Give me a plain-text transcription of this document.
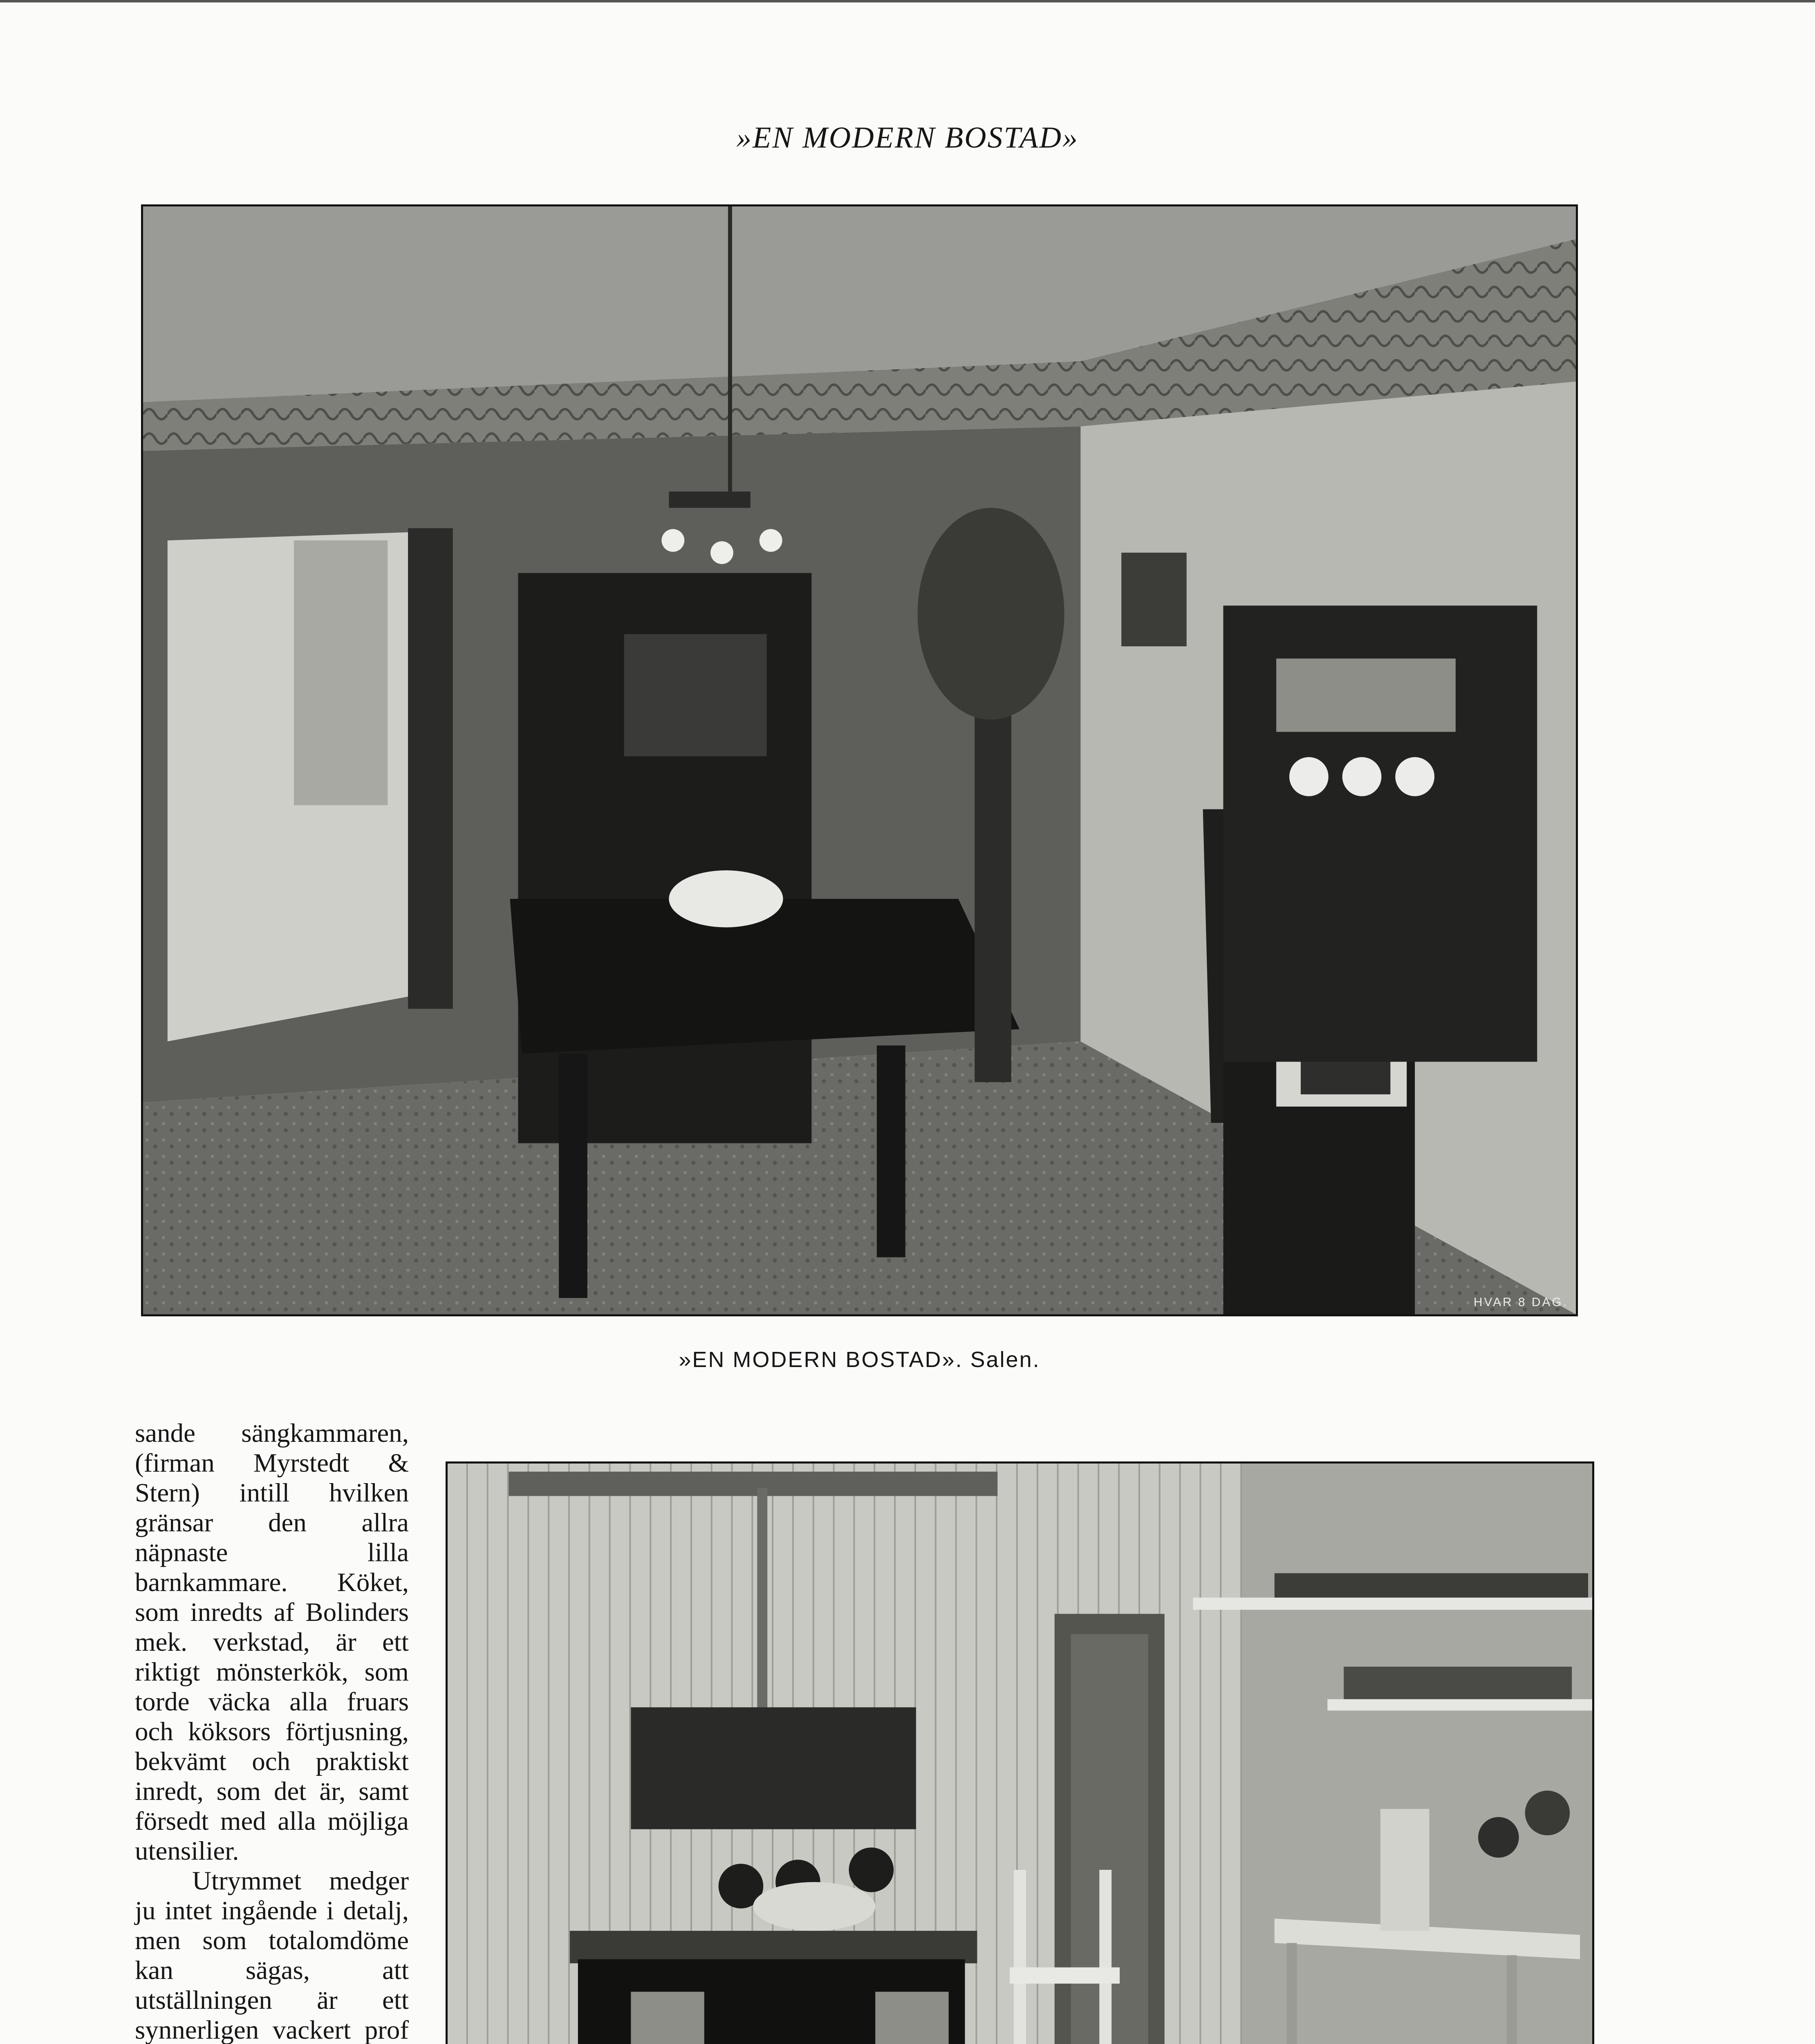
»EN MODERN BOSTAD»
HVAR 8 DAG.
»EN MODERN BOSTAD». Salen.

sande sängkammaren, (firman Myrstedt & Stern) intill hvilken gränsar den allra näpnaste lilla barnkammare. Köket, som inredts af Bolinders mek. verkstad, är ett riktigt mönsterkök, som torde väcka alla fruars och köksors förtjusning, bekvämt och praktiskt inredt, som det är, samt försedt med alla möjliga utensilier.

Utrymmet medger ju intet ingående i detalj, men som totalomdöme kan sägas, att utställningen är ett synnerligen vackert prof
